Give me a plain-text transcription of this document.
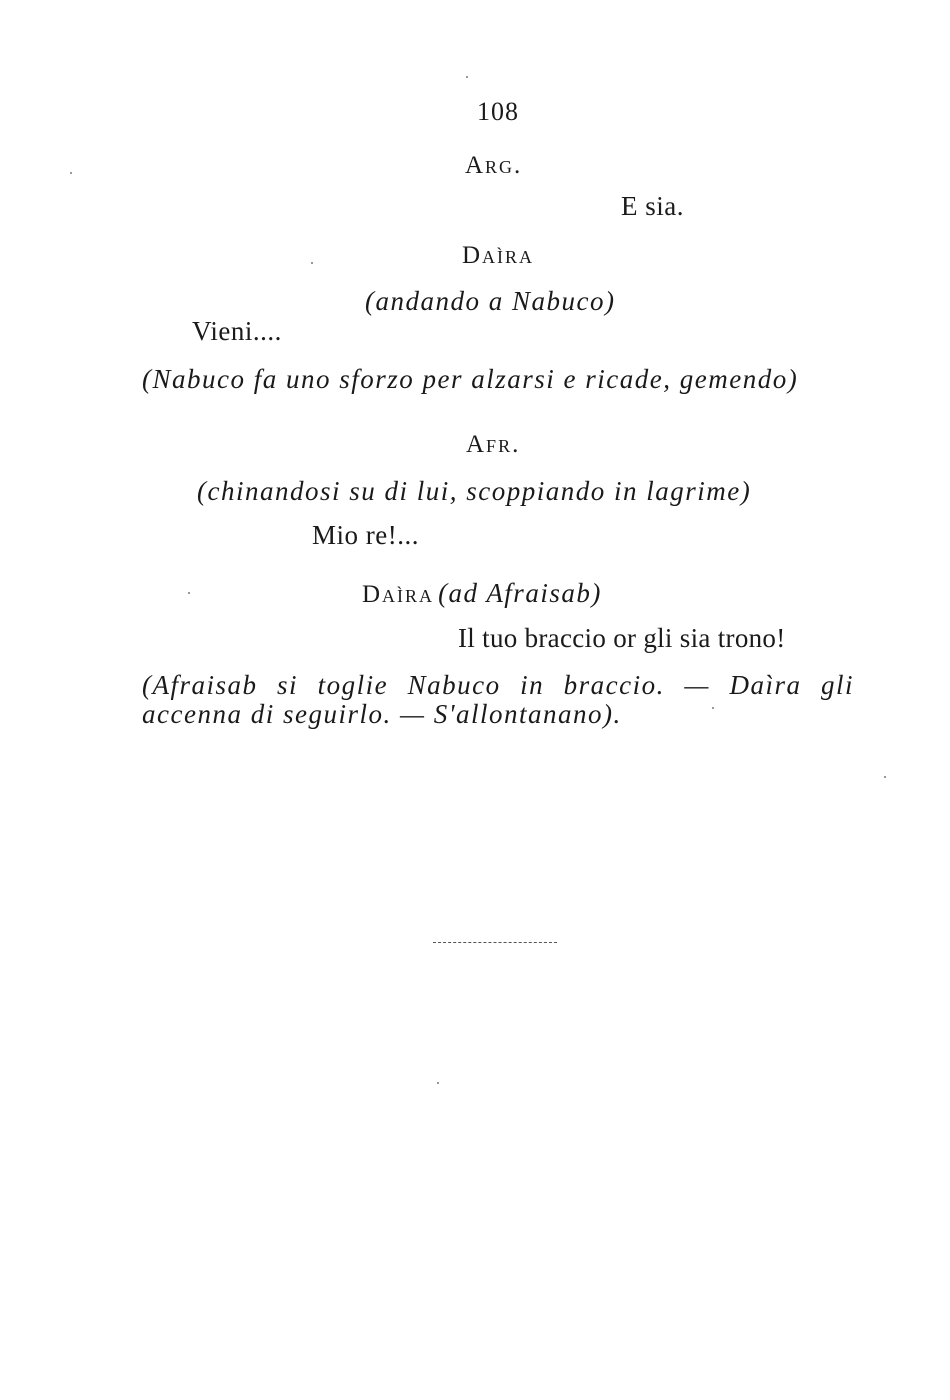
108
Arg.
E sia.
Daìra
(andando a Nabuco)
Vieni....
(Nabuco fa uno sforzo per alzarsi e ricade, gemendo)
Afr.
(chinandosi su di lui, scoppiando in lagrime)
Mio re!...
Daìra (ad Afraisab)
Il tuo braccio or gli sia trono!
(Afraisab si toglie Nabuco in braccio. — Daìra gli accenna di seguirlo. — S'allontanano).
